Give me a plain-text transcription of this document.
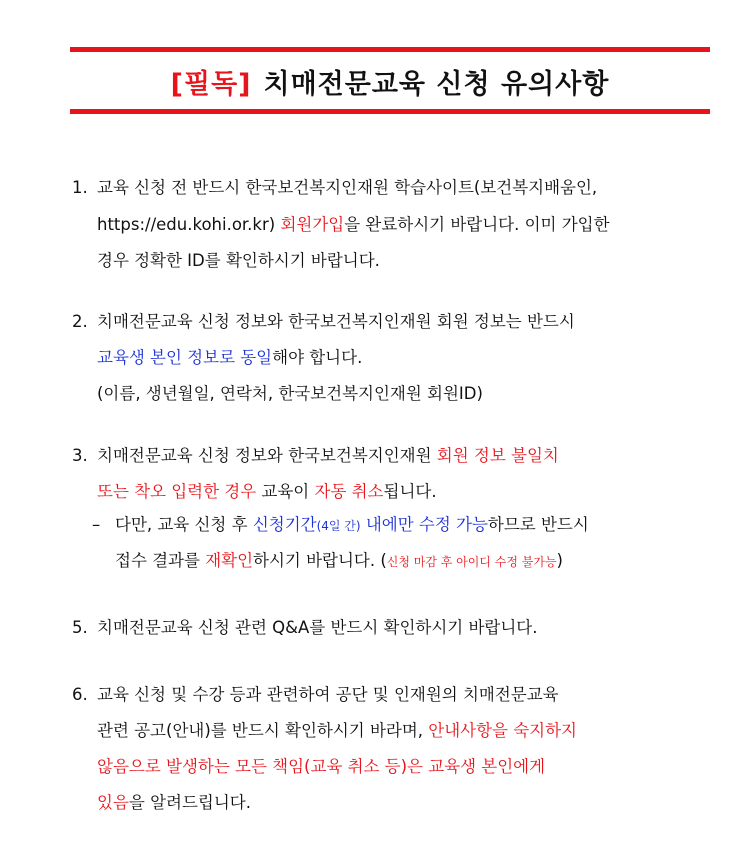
[필독] 치매전문교육 신청 유의사항
1. 교육 신청 전 반드시 한국보건복지인재원 학습사이트(보건복지배움인,
https://edu.kohi.or.kr) 회원가입을 완료하시기 바랍니다. 이미 가입한
경우 정확한 ID를 확인하시기 바랍니다.
2. 치매전문교육 신청 정보와 한국보건복지인재원 회원 정보는 반드시
교육생 본인 정보로 동일해야 합니다.
(이름, 생년월일, 연락처, 한국보건복지인재원 회원ID)
3. 치매전문교육 신청 정보와 한국보건복지인재원 회원 정보 불일치
또는 착오 입력한 경우 교육이 자동 취소됩니다.
– 다만, 교육 신청 후 신청기간(4일 간) 내에만 수정 가능하므로 반드시
접수 결과를 재확인하시기 바랍니다. (신청 마감 후 아이디 수정 불가능)
5. 치매전문교육 신청 관련 Q&A를 반드시 확인하시기 바랍니다.
6. 교육 신청 및 수강 등과 관련하여 공단 및 인재원의 치매전문교육
관련 공고(안내)를 반드시 확인하시기 바라며, 안내사항을 숙지하지
않음으로 발생하는 모든 책임(교육 취소 등)은 교육생 본인에게
있음을 알려드립니다.
